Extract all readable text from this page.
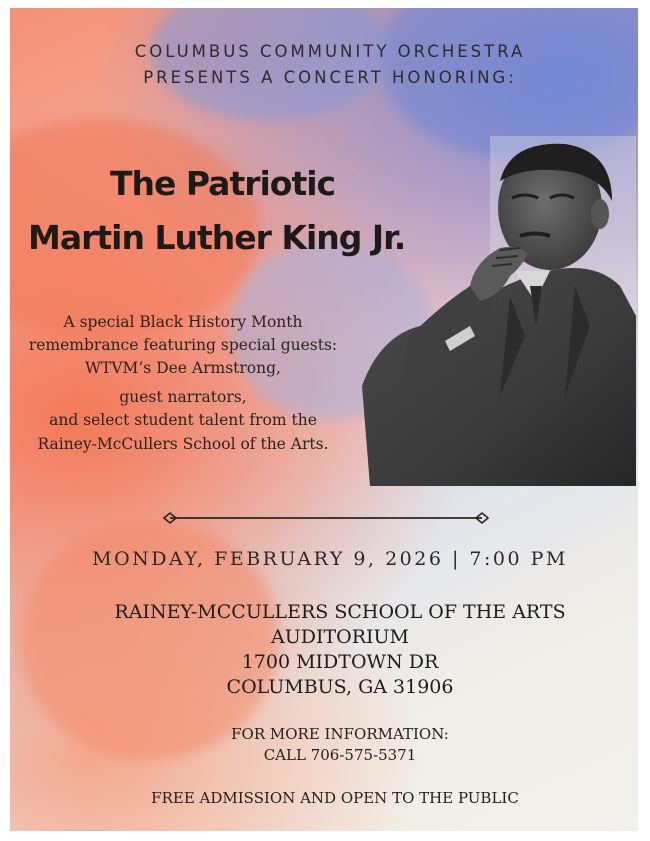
COLUMBUS COMMUNITY ORCHESTRA
PRESENTS A CONCERT HONORING:
The Patriotic
Martin Luther King Jr.
A special Black History Month
remembrance featuring special guests:
WTVM’s Dee Armstrong,
guest narrators,
and select student talent from the
Rainey-McCullers School of the Arts.
MONDAY, FEBRUARY 9, 2026 | 7:00 PM
RAINEY-MCCULLERS SCHOOL OF THE ARTS
AUDITORIUM
1700 MIDTOWN DR
COLUMBUS, GA 31906
FOR MORE INFORMATION:
CALL 706-575-5371
FREE ADMISSION AND OPEN TO THE PUBLIC
